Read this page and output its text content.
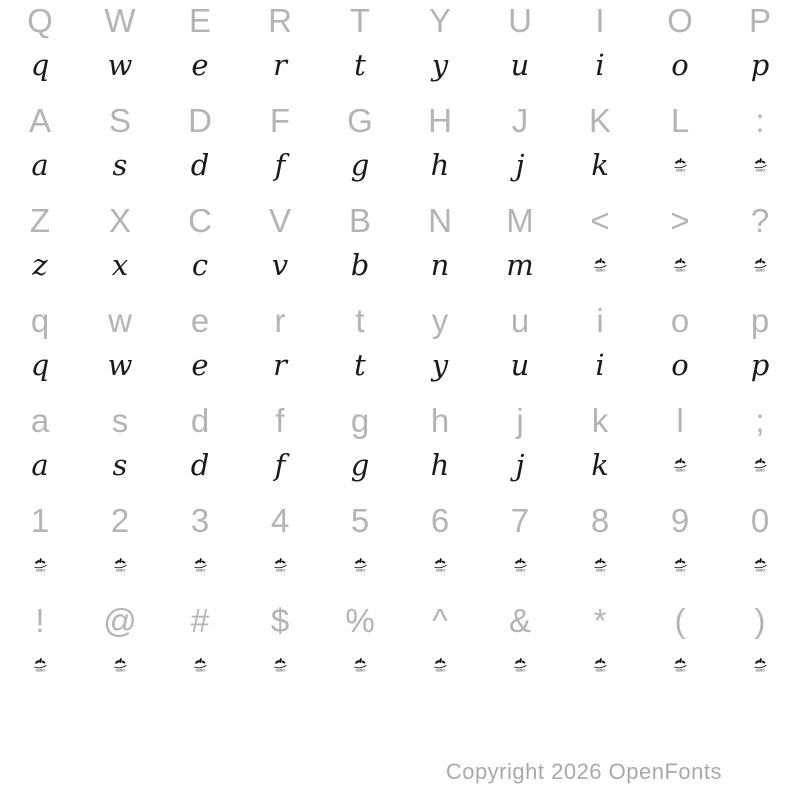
Q W E R T Y U I O P
q w e r t y u i o p
A S D F G H J K L :
a s d f g h j k	EURO	EURO
Z X C V B N M < > ?
z x c v b n m	EURO	EURO	EURO
q w e r t y u i o p
q w e r t y u i o p
a s d f g h j k l ;
a s d f g h j k	EURO	EURO
1 2 3 4 5 6 7 8 9 0
EURO	EURO	EURO	EURO	EURO	EURO	EURO	EURO	EURO	EURO
! @ # $ % ^ & * ( )
EURO	EURO	EURO	EURO	EURO	EURO	EURO	EURO	EURO	EURO
Copyright 2026 OpenFonts
